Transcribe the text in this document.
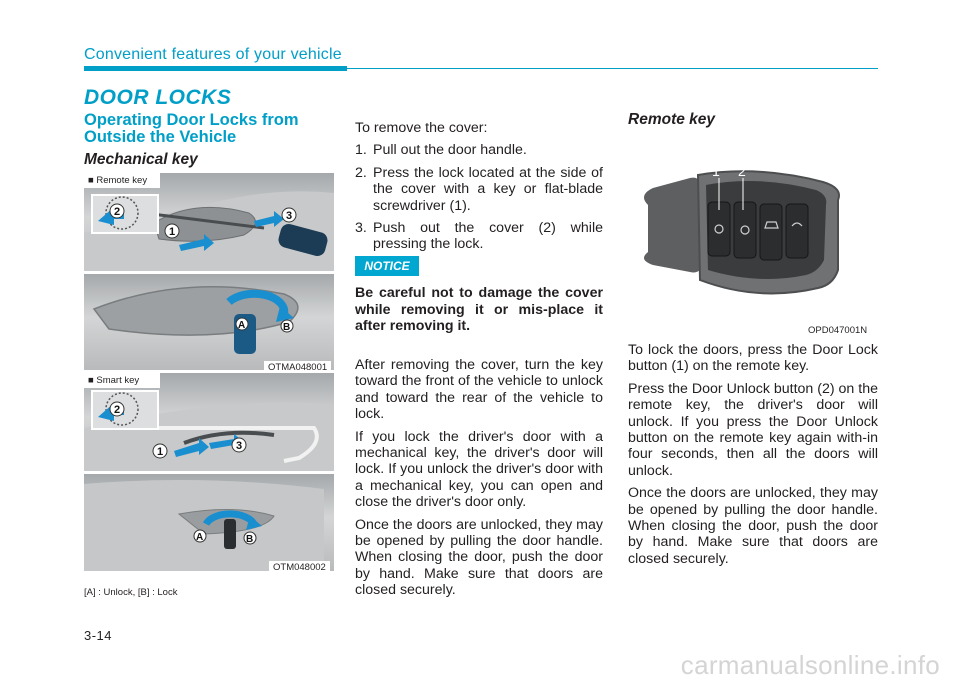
Convenient features of your vehicle
DOOR LOCKS
Operating Door Locks from Outside the Vehicle
Mechanical key
2
1
3
■ Remote key
A	B
OTMA048001
2
1	3
■ Smart key
A	B
OTM048002
[A] : Unlock, [B] : Lock
To remove the cover:
1. Pull out the door handle.
2. Press the lock located at the side of the cover with a key or flat-blade screwdriver (1).
3. Push out the cover (2) while pressing the lock.
NOTICE
Be careful not to damage the cover while removing it or mis-place it after removing it.

After removing the cover, turn the key toward the front of the vehicle to unlock and toward the rear of the vehicle to lock.

If you lock the driver's door with a mechanical key, the driver's door will lock. If you unlock the driver's door with a mechanical key, you can open and close the driver's door only.

Once the doors are unlocked, they may be opened by pulling the door handle. When closing the door, push the door by hand. Make sure that doors are closed securely.

Remote key
1 2
OPD047001N

To lock the doors, press the Door Lock button (1) on the remote key.

Press the Door Unlock button (2) on the remote key, the driver's door will unlock. If you press the Door Unlock button on the remote key again with-in four seconds, then all the doors will unlock.

Once the doors are unlocked, they may be opened by pulling the door handle. When closing the door, push the door by hand. Make sure that doors are closed securely.

3-14
carmanualsonline.info
